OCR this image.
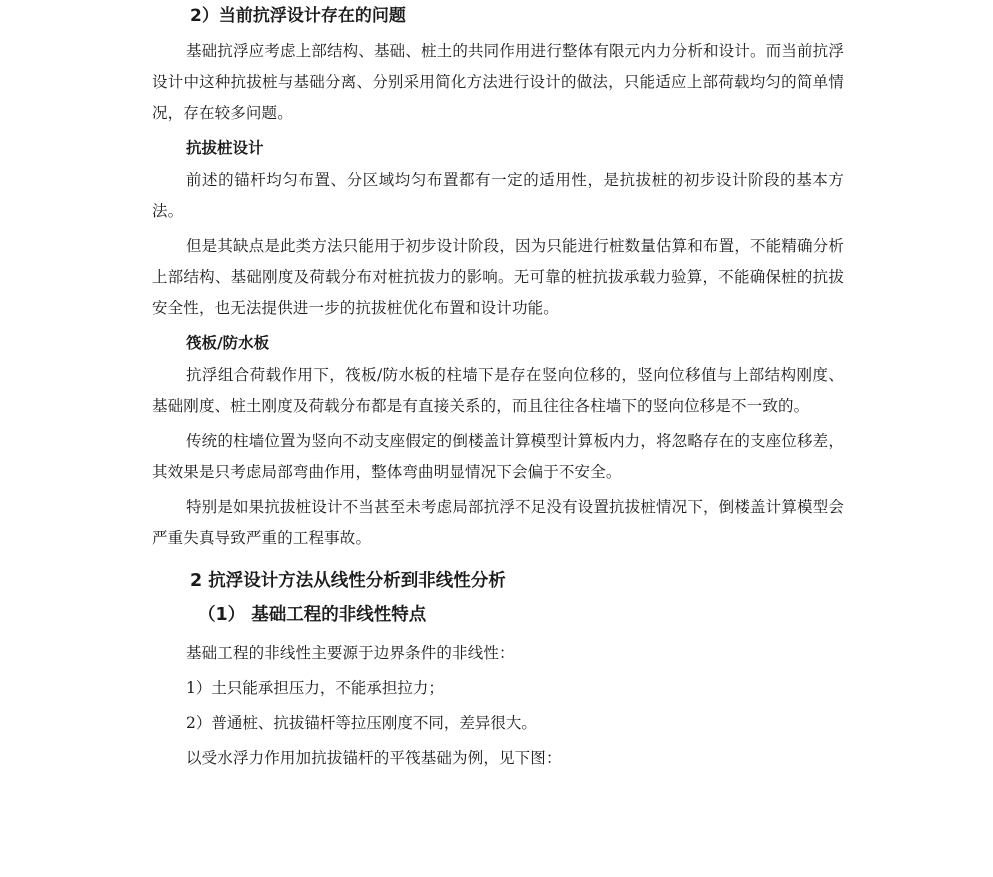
2）当前抗浮设计存在的问题

基础抗浮应考虑上部结构、基础、桩土的共同作用进行整体有限元内力分析和设计。而当前抗浮设计中这种抗拔桩与基础分离、分别采用简化方法进行设计的做法，只能适应上部荷载均匀的简单情况，存在较多问题。

抗拔桩设计

前述的锚杆均匀布置、分区域均匀布置都有一定的适用性，是抗拔桩的初步设计阶段的基本方法。

但是其缺点是此类方法只能用于初步设计阶段，因为只能进行桩数量估算和布置，不能精确分析上部结构、基础刚度及荷载分布对桩抗拔力的影响。无可靠的桩抗拔承载力验算，不能确保桩的抗拔安全性，也无法提供进一步的抗拔桩优化布置和设计功能。

筏板/防水板

抗浮组合荷载作用下，筏板/防水板的柱墙下是存在竖向位移的，竖向位移值与上部结构刚度、基础刚度、桩土刚度及荷载分布都是有直接关系的，而且往往各柱墙下的竖向位移是不一致的。

传统的柱墙位置为竖向不动支座假定的倒楼盖计算模型计算板内力，将忽略存在的支座位移差，其效果是只考虑局部弯曲作用，整体弯曲明显情况下会偏于不安全。

特别是如果抗拔桩设计不当甚至未考虑局部抗浮不足没有设置抗拔桩情况下，倒楼盖计算模型会严重失真导致严重的工程事故。

2 抗浮设计方法从线性分析到非线性分析
（1） 基础工程的非线性特点

基础工程的非线性主要源于边界条件的非线性：

1）土只能承担压力，不能承担拉力；

2）普通桩、抗拔锚杆等拉压刚度不同，差异很大。

以受水浮力作用加抗拔锚杆的平筏基础为例，见下图：
